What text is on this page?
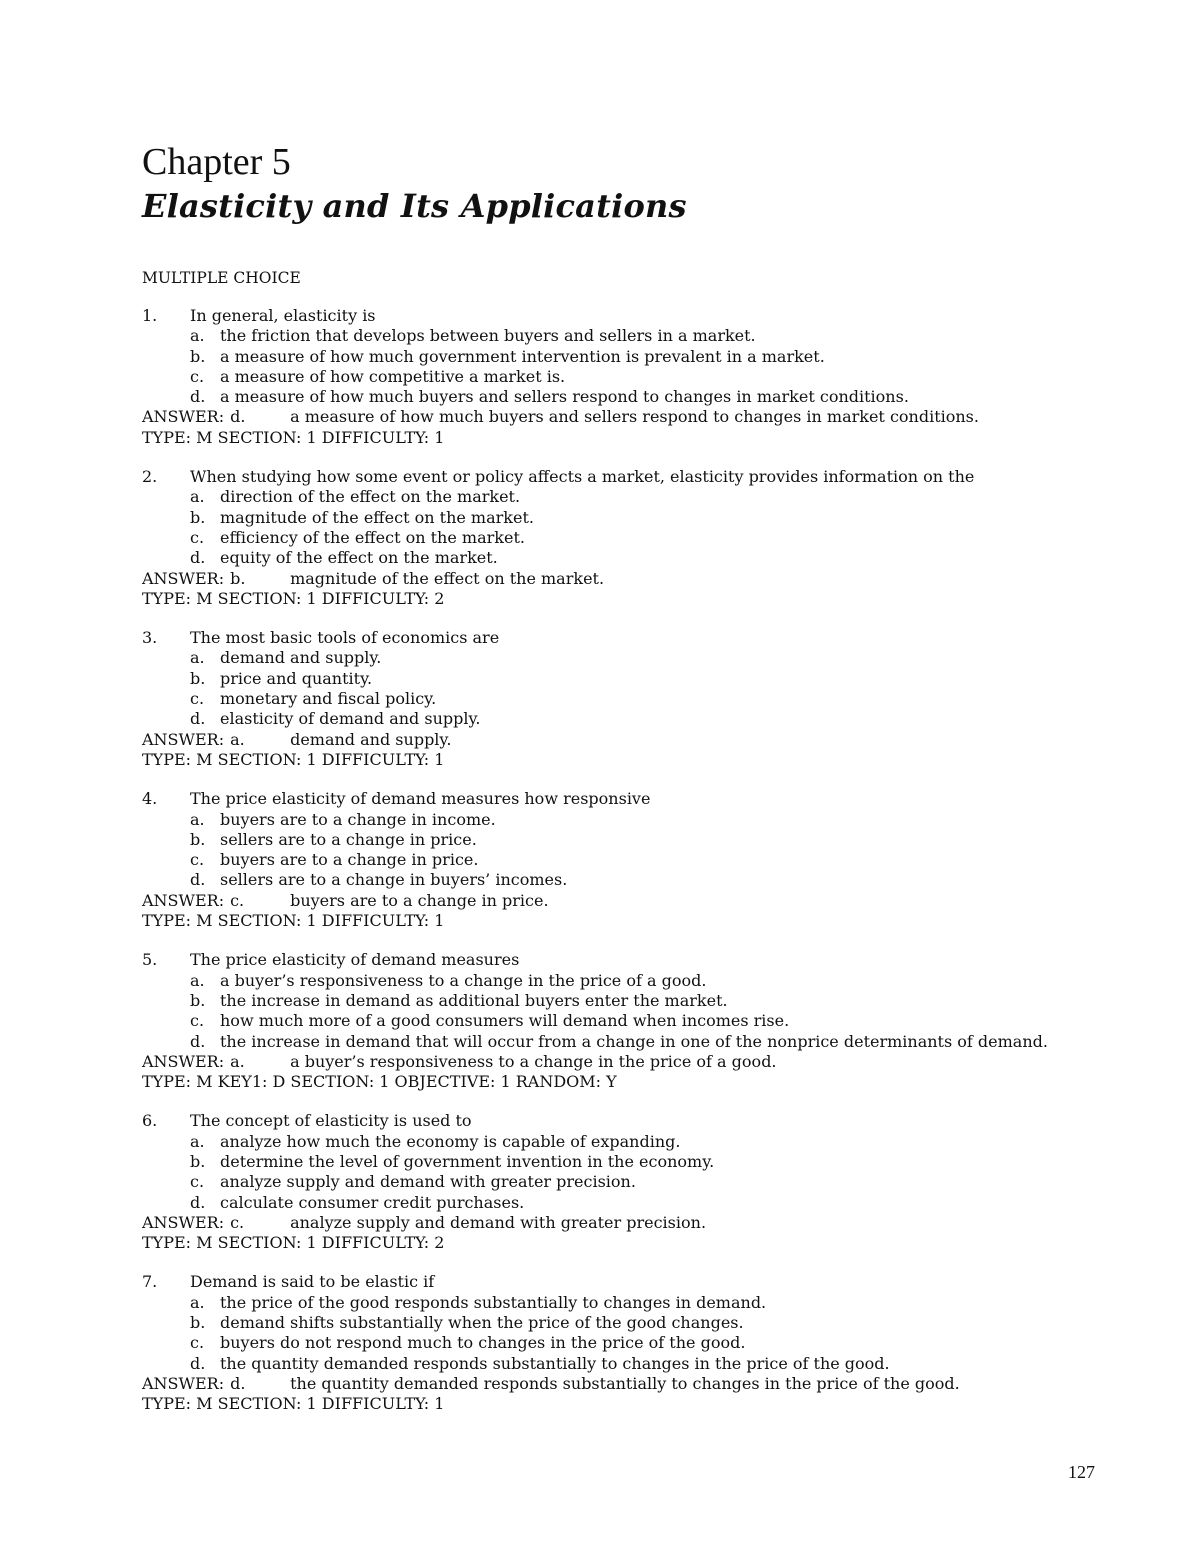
Chapter 5
Elasticity and Its Applications
MULTIPLE CHOICE
1.	In general, elasticity is
a. the friction that develops between buyers and sellers in a market.
b. a measure of how much government intervention is prevalent in a market.
c. a measure of how competitive a market is.
d. a measure of how much buyers and sellers respond to changes in market conditions.
ANSWER: d.	a measure of how much buyers and sellers respond to changes in market conditions.
TYPE: M SECTION: 1 DIFFICULTY: 1
2.	When studying how some event or policy affects a market, elasticity provides information on the
a. direction of the effect on the market.
b. magnitude of the effect on the market.
c. efficiency of the effect on the market.
d. equity of the effect on the market.
ANSWER: b.	magnitude of the effect on the market.
TYPE: M SECTION: 1 DIFFICULTY: 2
3.	The most basic tools of economics are
a. demand and supply.
b. price and quantity.
c. monetary and fiscal policy.
d. elasticity of demand and supply.
ANSWER: a.	demand and supply.
TYPE: M SECTION: 1 DIFFICULTY: 1
4.	The price elasticity of demand measures how responsive
a. buyers are to a change in income.
b. sellers are to a change in price.
c. buyers are to a change in price.
d. sellers are to a change in buyers’ incomes.
ANSWER: c.	buyers are to a change in price.
TYPE: M SECTION: 1 DIFFICULTY: 1
5.	The price elasticity of demand measures
a. a buyer’s responsiveness to a change in the price of a good.
b. the increase in demand as additional buyers enter the market.
c. how much more of a good consumers will demand when incomes rise.
d. the increase in demand that will occur from a change in one of the nonprice determinants of demand.
ANSWER: a.	a buyer’s responsiveness to a change in the price of a good.
TYPE: M KEY1: D SECTION: 1 OBJECTIVE: 1 RANDOM: Y
6.	The concept of elasticity is used to
a. analyze how much the economy is capable of expanding.
b. determine the level of government invention in the economy.
c. analyze supply and demand with greater precision.
d. calculate consumer credit purchases.
ANSWER: c.	analyze supply and demand with greater precision.
TYPE: M SECTION: 1 DIFFICULTY: 2
7.	Demand is said to be elastic if
a. the price of the good responds substantially to changes in demand.
b. demand shifts substantially when the price of the good changes.
c. buyers do not respond much to changes in the price of the good.
d. the quantity demanded responds substantially to changes in the price of the good.
ANSWER: d.	the quantity demanded responds substantially to changes in the price of the good.
TYPE: M SECTION: 1 DIFFICULTY: 1
127
